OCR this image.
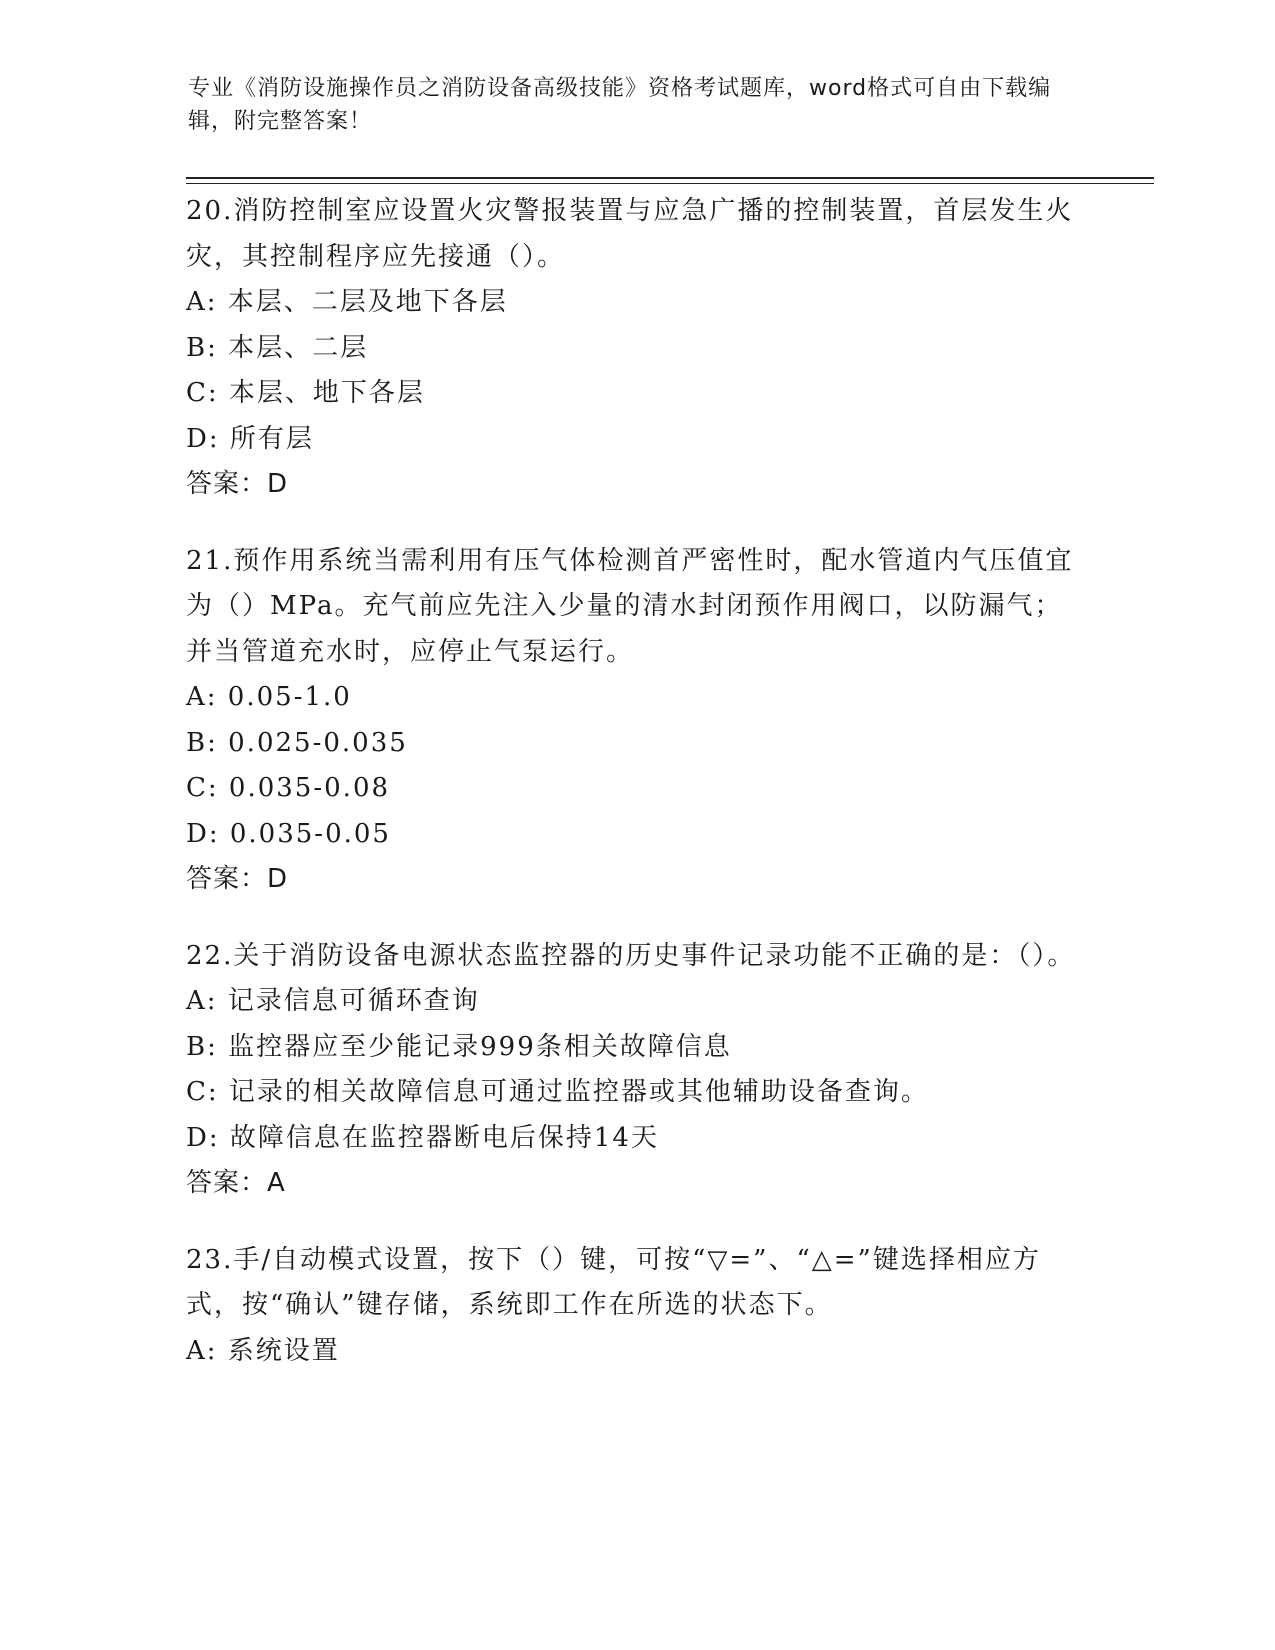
专业《消防设施操作员之消防设备高级技能》资格考试题库，word格式可自由下载编辑，附完整答案！

20.消防控制室应设置火灾警报装置与应急广播的控制装置，首层发生火灾，其控制程序应先接通（）。

A: 本层、二层及地下各层

B: 本层、二层

C: 本层、地下各层

D: 所有层

答案：D

21.预作用系统当需利用有压气体检测首严密性时，配水管道内气压值宜为（）MPa。充气前应先注入少量的清水封闭预作用阀口，以防漏气；并当管道充水时，应停止气泵运行。

A: 0.05-1.0

B: 0.025-0.035

C: 0.035-0.08

D: 0.035-0.05

答案：D

22.关于消防设备电源状态监控器的历史事件记录功能不正确的是：（）。

A: 记录信息可循环查询

B: 监控器应至少能记录999条相关故障信息

C: 记录的相关故障信息可通过监控器或其他辅助设备查询。

D: 故障信息在监控器断电后保持14天

答案：A

23.手/自动模式设置，按下（）键，可按“▽=”、“△=”键选择相应方式，按“确认”键存储，系统即工作在所选的状态下。

A: 系统设置
